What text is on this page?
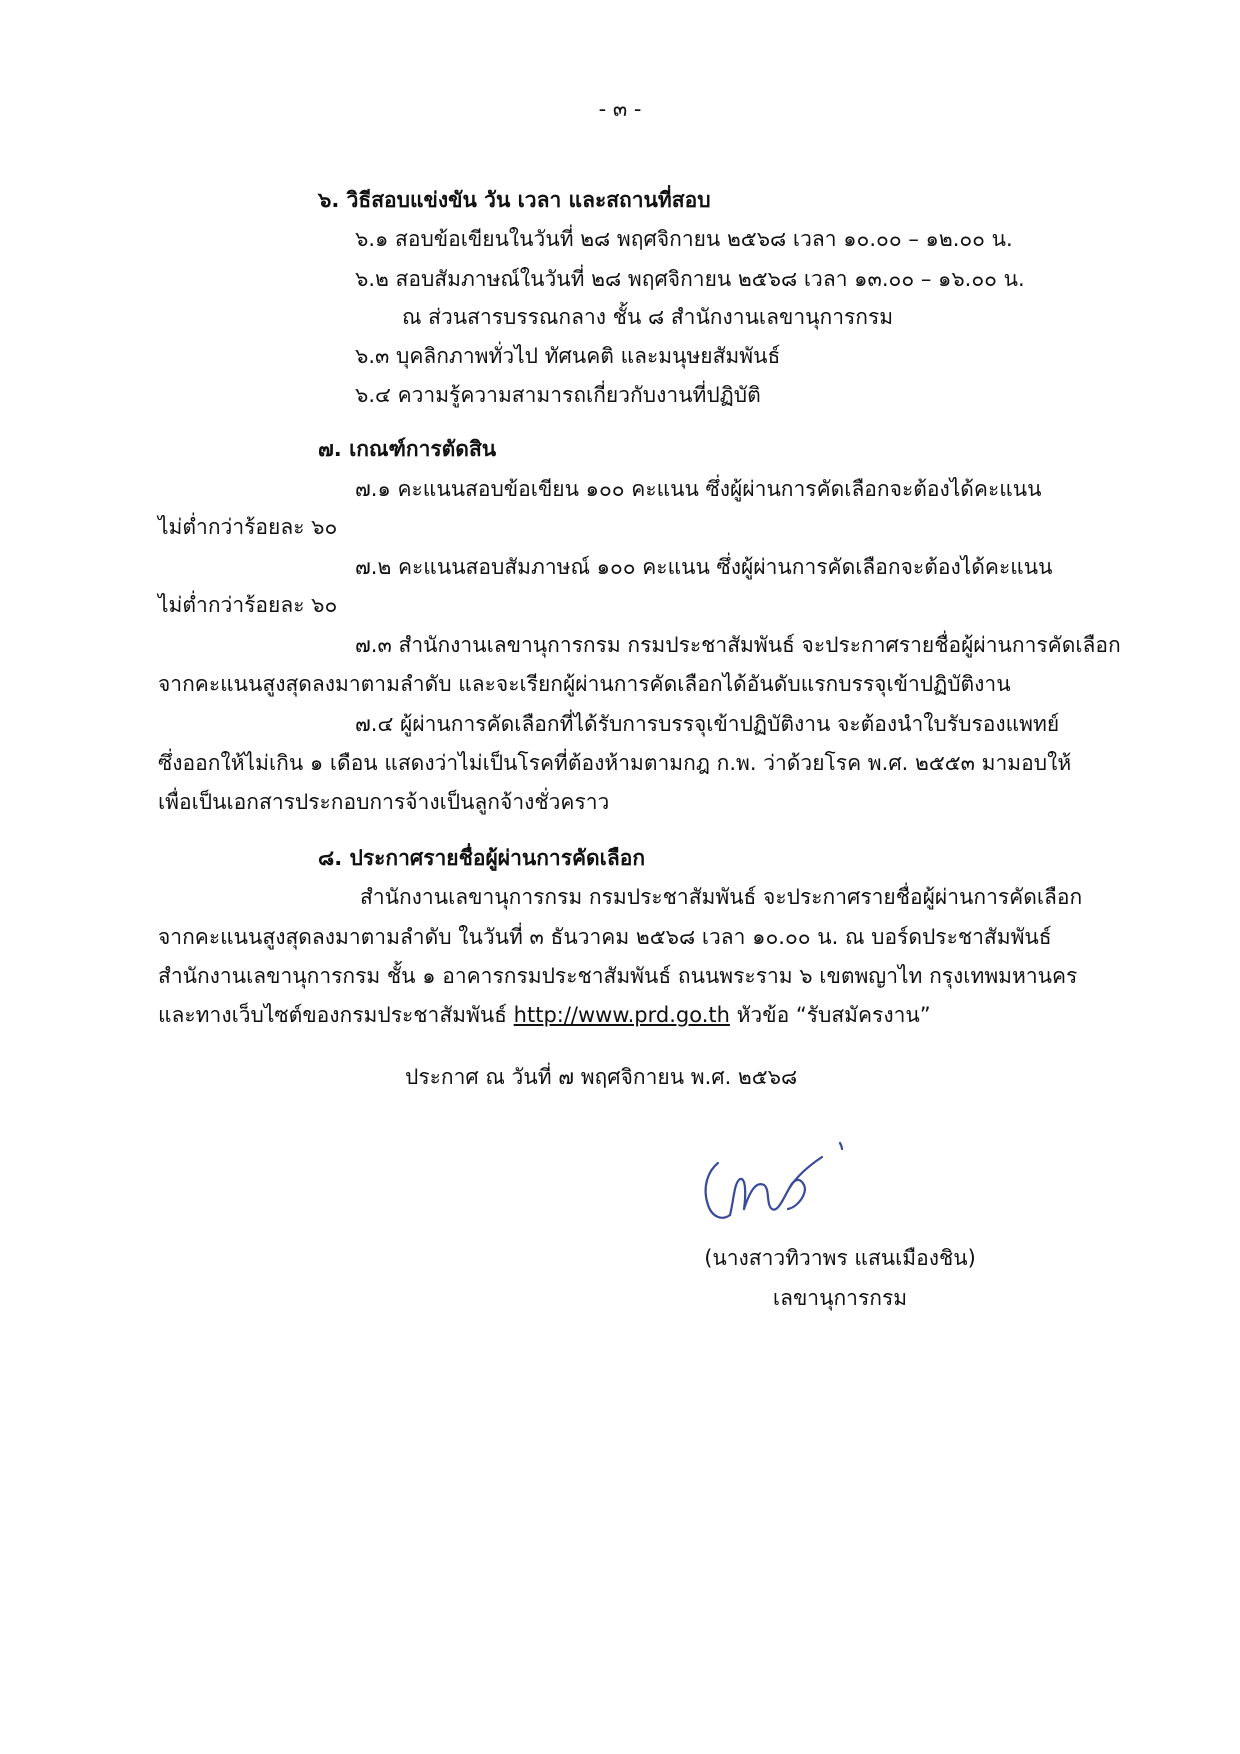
- ๓ -
๖. วิธีสอบแข่งขัน วัน เวลา และสถานที่สอบ
๖.๑ สอบข้อเขียนในวันที่ ๒๘ พฤศจิกายน ๒๕๖๘ เวลา ๑๐.๐๐ – ๑๒.๐๐ น.
๖.๒ สอบสัมภาษณ์ในวันที่ ๒๘ พฤศจิกายน ๒๕๖๘ เวลา ๑๓.๐๐ – ๑๖.๐๐ น.
ณ ส่วนสารบรรณกลาง ชั้น ๘ สำนักงานเลขานุการกรม
๖.๓ บุคลิกภาพทั่วไป ทัศนคติ และมนุษยสัมพันธ์
๖.๔ ความรู้ความสามารถเกี่ยวกับงานที่ปฏิบัติ
๗. เกณฑ์การตัดสิน
๗.๑ คะแนนสอบข้อเขียน ๑๐๐ คะแนน ซึ่งผู้ผ่านการคัดเลือกจะต้องได้คะแนน
ไม่ต่ำกว่าร้อยละ ๖๐
๗.๒ คะแนนสอบสัมภาษณ์ ๑๐๐ คะแนน ซึ่งผู้ผ่านการคัดเลือกจะต้องได้คะแนน
ไม่ต่ำกว่าร้อยละ ๖๐
๗.๓ สำนักงานเลขานุการกรม กรมประชาสัมพันธ์ จะประกาศรายชื่อผู้ผ่านการคัดเลือก
จากคะแนนสูงสุดลงมาตามลำดับ และจะเรียกผู้ผ่านการคัดเลือกได้อันดับแรกบรรจุเข้าปฏิบัติงาน
๗.๔ ผู้ผ่านการคัดเลือกที่ได้รับการบรรจุเข้าปฏิบัติงาน จะต้องนำใบรับรองแพทย์
ซึ่งออกให้ไม่เกิน ๑ เดือน แสดงว่าไม่เป็นโรคที่ต้องห้ามตามกฎ ก.พ. ว่าด้วยโรค พ.ศ. ๒๕๕๓ มามอบให้
เพื่อเป็นเอกสารประกอบการจ้างเป็นลูกจ้างชั่วคราว
๘. ประกาศรายชื่อผู้ผ่านการคัดเลือก
สำนักงานเลขานุการกรม กรมประชาสัมพันธ์ จะประกาศรายชื่อผู้ผ่านการคัดเลือก
จากคะแนนสูงสุดลงมาตามลำดับ ในวันที่ ๓ ธันวาคม ๒๕๖๘ เวลา ๑๐.๐๐ น. ณ บอร์ดประชาสัมพันธ์
สำนักงานเลขานุการกรม ชั้น ๑ อาคารกรมประชาสัมพันธ์ ถนนพระราม ๖ เขตพญาไท กรุงเทพมหานคร
และทางเว็บไซต์ของกรมประชาสัมพันธ์ http://www.prd.go.th หัวข้อ “รับสมัครงาน”
ประกาศ ณ วันที่ ๗ พฤศจิกายน พ.ศ. ๒๕๖๘
(นางสาวทิวาพร แสนเมืองชิน)
เลขานุการกรม
